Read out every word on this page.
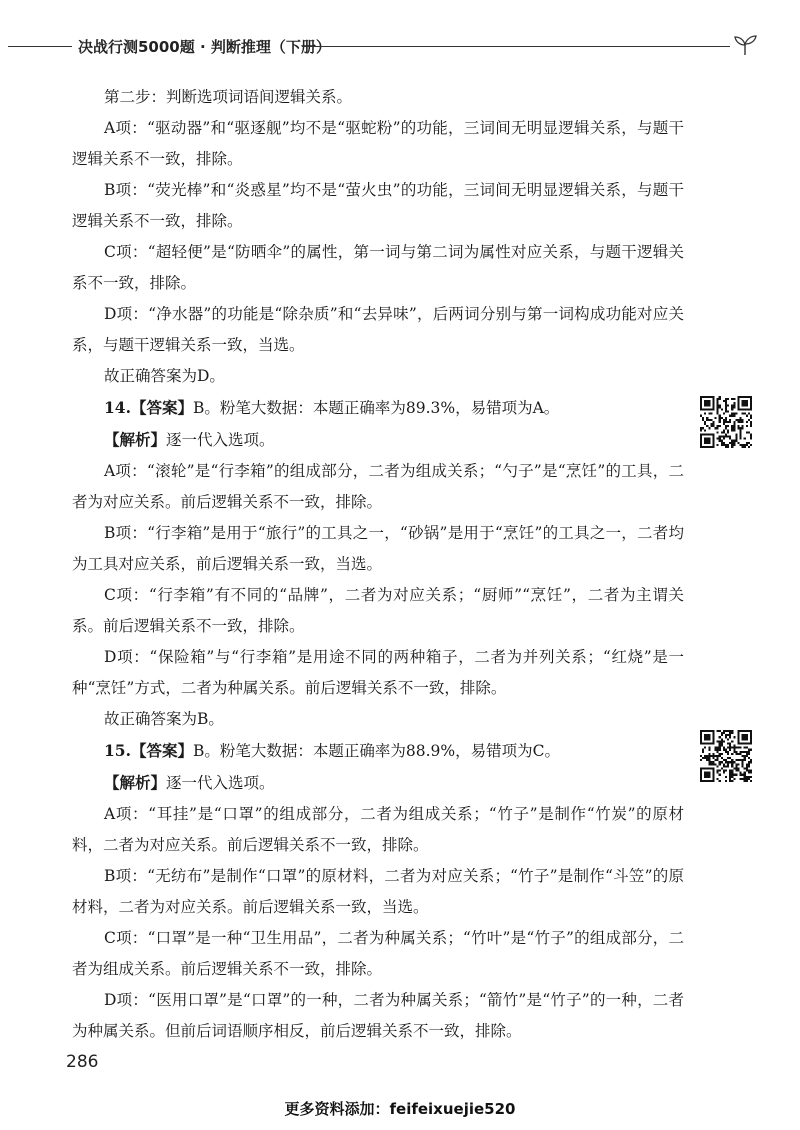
决战行测5000题 · 判断推理（下册）

第二步：判断选项词语间逻辑关系。

A项：“驱动器”和“驱逐舰”均不是“驱蛇粉”的功能，三词间无明显逻辑关系，与题干逻辑关系不一致，排除。

B项：“荧光棒”和“炎惑星”均不是“萤火虫”的功能，三词间无明显逻辑关系，与题干逻辑关系不一致，排除。

C项：“超轻便”是“防晒伞”的属性，第一词与第二词为属性对应关系，与题干逻辑关系不一致，排除。

D项：“净水器”的功能是“除杂质”和“去异味”，后两词分别与第一词构成功能对应关系，与题干逻辑关系一致，当选。

故正确答案为D。

14.【答案】B。粉笔大数据：本题正确率为89.3%，易错项为A。

【解析】逐一代入选项。

A项：“滚轮”是“行李箱”的组成部分，二者为组成关系；“勺子”是“烹饪”的工具，二者为对应关系。前后逻辑关系不一致，排除。

B项：“行李箱”是用于“旅行”的工具之一，“砂锅”是用于“烹饪”的工具之一，二者均为工具对应关系，前后逻辑关系一致，当选。

C项：“行李箱”有不同的“品牌”，二者为对应关系；“厨师”“烹饪”，二者为主谓关系。前后逻辑关系不一致，排除。

D项：“保险箱”与“行李箱”是用途不同的两种箱子，二者为并列关系；“红烧”是一种“烹饪”方式，二者为种属关系。前后逻辑关系不一致，排除。

故正确答案为B。

15.【答案】B。粉笔大数据：本题正确率为88.9%，易错项为C。

【解析】逐一代入选项。

A项：“耳挂”是“口罩”的组成部分，二者为组成关系；“竹子”是制作“竹炭”的原材料，二者为对应关系。前后逻辑关系不一致，排除。

B项：“无纺布”是制作“口罩”的原材料，二者为对应关系；“竹子”是制作“斗笠”的原材料，二者为对应关系。前后逻辑关系一致，当选。

C项：“口罩”是一种“卫生用品”，二者为种属关系；“竹叶”是“竹子”的组成部分，二者为组成关系。前后逻辑关系不一致，排除。

D项：“医用口罩”是“口罩”的一种，二者为种属关系；“箭竹”是“竹子”的一种，二者为种属关系。但前后词语顺序相反，前后逻辑关系不一致，排除。

286
更多资料添加：feifeixuejie520
